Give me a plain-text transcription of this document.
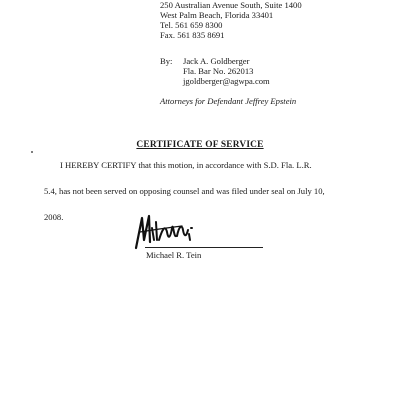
250 Australian Avenue South, Suite 1400
West Palm Beach, Florida 33401
Tel. 561 659 8300
Fax. 561 835 8691
By: Jack A. Goldberger
Fla. Bar No. 262013
jgoldberger@agwpa.com
Attorneys for Defendant Jeffrey Epstein
CERTIFICATE OF SERVICE
I HEREBY CERTIFY that this motion, in accordance with S.D. Fla. L.R.
5.4, has not been served on opposing counsel and was filed under seal on July 10,
2008.
Michael R. Tein
